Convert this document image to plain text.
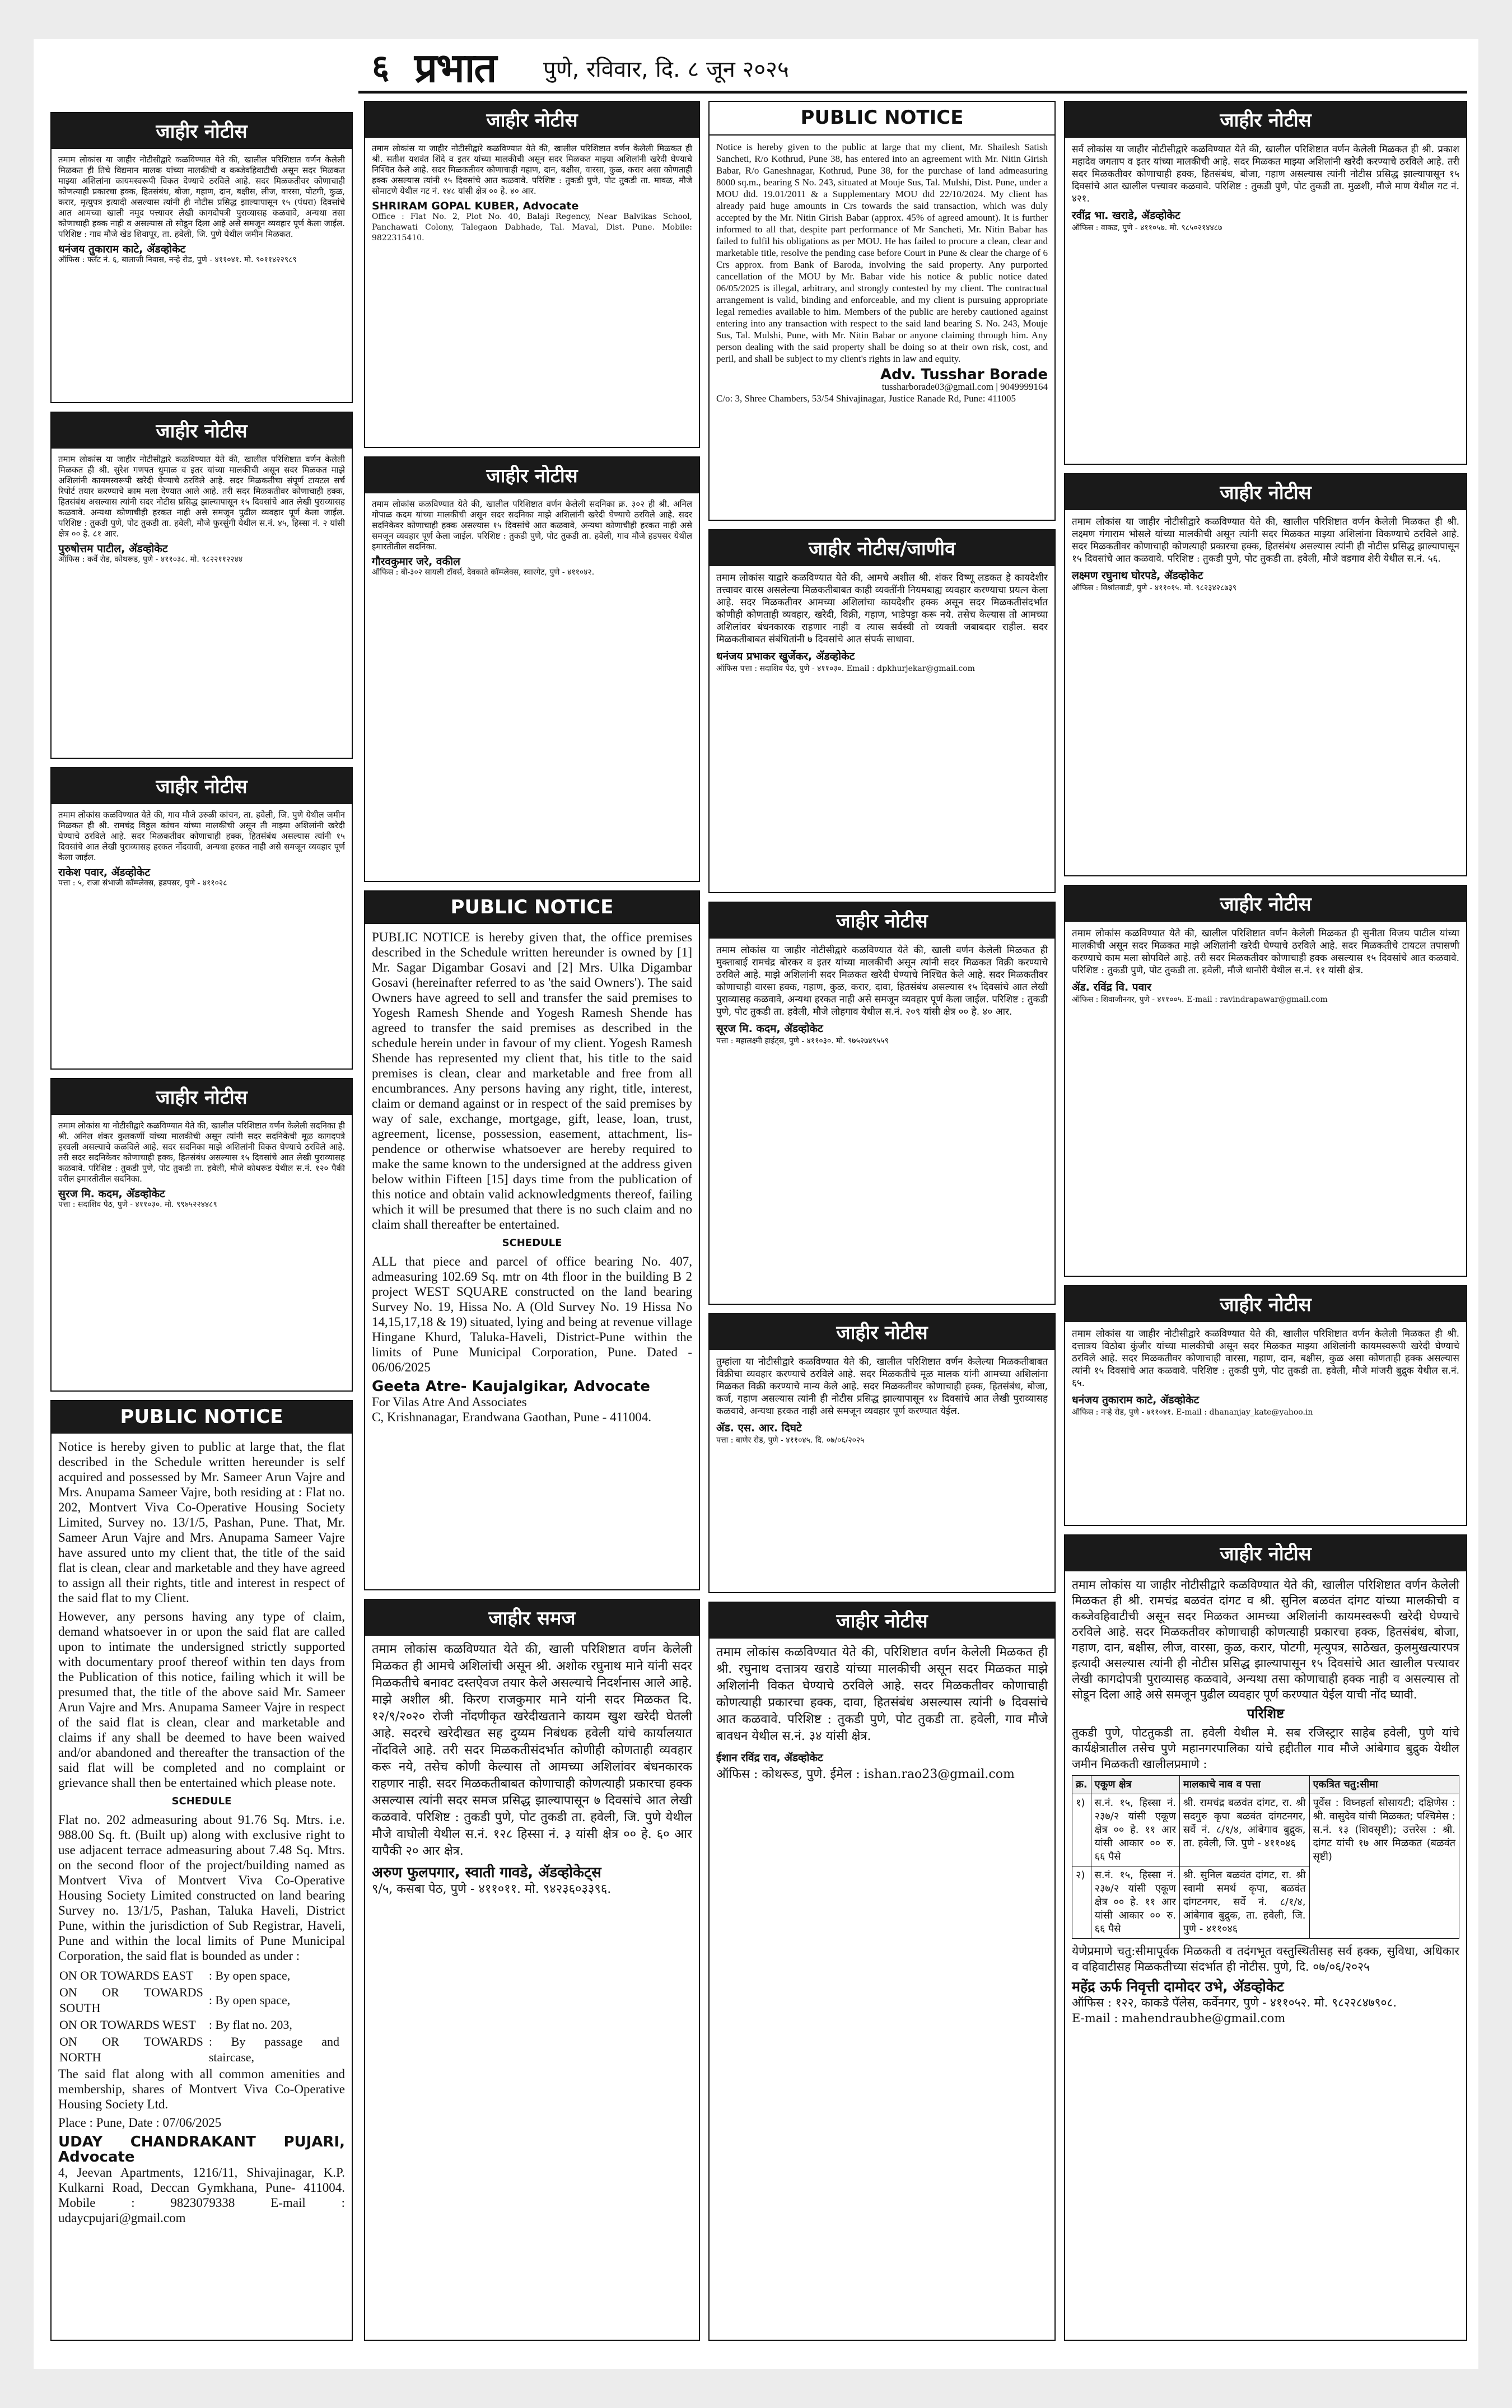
६ प्रभात पुणे, रविवार, दि. ८ जून २०२५
जाहीर नोटीस

तमाम लोकांस या जाहीर नोटीसीद्वारे कळविण्यात येते की, खालील परिशिष्टात वर्णन केलेली मिळकत ही तिचे विद्यमान मालक यांच्या मालकीची व कब्जेवहिवाटीची असून सदर मिळकत माझ्या अशिलांना कायमस्वरूपी विकत देण्याचे ठरविले आहे. सदर मिळकतीवर कोणाचाही कोणत्याही प्रकारचा हक्क, हितसंबंध, बोजा, गहाण, दान, बक्षीस, लीज, वारसा, पोटगी, कुळ, करार, मृत्युपत्र इत्यादी असल्यास त्यांनी ही नोटीस प्रसिद्ध झाल्यापासून १५ (पंधरा) दिवसांचे आत आमच्या खाली नमूद पत्त्यावर लेखी कागदोपत्री पुराव्यासह कळवावे, अन्यथा तसा कोणाचाही हक्क नाही व असल्यास तो सोडून दिला आहे असे समजून व्यवहार पूर्ण केला जाईल. परिशिष्ट : गाव मौजे खेड शिवापूर, ता. हवेली, जि. पुणे येथील जमीन मिळकत.

धनंजय तुकाराम काटे, ॲडव्होकेट
ऑफिस : फ्लॅट नं. ६, बालाजी निवास, नऱ्हे रोड, पुणे - ४११०४१. मो. ९०११४२२९८९
जाहीर नोटीस

तमाम लोकांस या जाहीर नोटीसीद्वारे कळविण्यात येते की, खालील परिशिष्टात वर्णन केलेली मिळकत ही श्री. सुरेश गणपत धुमाळ व इतर यांच्या मालकीची असून सदर मिळकत माझे अशिलांनी कायमस्वरूपी खरेदी घेण्याचे ठरविले आहे. सदर मिळकतीचा संपूर्ण टायटल सर्च रिपोर्ट तयार करण्याचे काम मला देण्यात आले आहे. तरी सदर मिळकतीवर कोणाचाही हक्क, हितसंबंध असल्यास त्यांनी सदर नोटीस प्रसिद्ध झाल्यापासून १५ दिवसांचे आत लेखी पुराव्यासह कळवावे. अन्यथा कोणाचीही हरकत नाही असे समजून पुढील व्यवहार पूर्ण केला जाईल. परिशिष्ट : तुकडी पुणे, पोट तुकडी ता. हवेली, मौजे फुरसुंगी येथील स.नं. ४५, हिस्सा नं. २ यांसी क्षेत्र ०० हे. ८१ आर.

पुरुषोत्तम पाटील, ॲडव्होकेट
ऑफिस : कर्वे रोड, कोथरूड, पुणे - ४११०३८. मो. ९८२२११२२४४
जाहीर नोटीस

तमाम लोकांस कळविण्यात येते की, गाव मौजे उरुळी कांचन, ता. हवेली, जि. पुणे येथील जमीन मिळकत ही श्री. रामचंद्र विठ्ठल कांचन यांच्या मालकीची असून ती माझ्या अशिलांनी खरेदी घेण्याचे ठरविले आहे. सदर मिळकतीवर कोणाचाही हक्क, हितसंबंध असल्यास त्यांनी १५ दिवसांचे आत लेखी पुराव्यासह हरकत नोंदवावी, अन्यथा हरकत नाही असे समजून व्यवहार पूर्ण केला जाईल.

राकेश पवार, ॲडव्होकेट
पत्ता : ५, राजा संभाजी कॉम्प्लेक्स, हडपसर, पुणे - ४११०२८
जाहीर नोटीस

तमाम लोकांस या नोटीसीद्वारे कळविण्यात येते की, खालील परिशिष्टात वर्णन केलेली सदनिका ही श्री. अनिल शंकर कुलकर्णी यांच्या मालकीची असून त्यांनी सदर सदनिकेची मूळ कागदपत्रे हरवली असल्याचे कळविले आहे. सदर सदनिका माझे अशिलांनी विकत घेण्याचे ठरविले आहे. तरी सदर सदनिकेवर कोणाचाही हक्क, हितसंबंध असल्यास १५ दिवसांचे आत लेखी पुराव्यासह कळवावे. परिशिष्ट : तुकडी पुणे, पोट तुकडी ता. हवेली, मौजे कोथरूड येथील स.नं. १२० पैकी वरील इमारतीतील सदनिका.

सुरज मि. कदम, ॲडव्होकेट
पत्ता : सदाशिव पेठ, पुणे - ४११०३०. मो. ९९७५२२४४८९
PUBLIC NOTICE

Notice is hereby given to public at large that, the flat described in the Schedule written hereunder is self acquired and possessed by Mr. Sameer Arun Vajre and Mrs. Anupama Sameer Vajre, both residing at : Flat no. 202, Montvert Viva Co-Operative Housing Society Limited, Survey no. 13/1/5, Pashan, Pune. That, Mr. Sameer Arun Vajre and Mrs. Anupama Sameer Vajre have assured unto my client that, the title of the said flat is clean, clear and marketable and they have agreed to assign all their rights, title and interest in respect of the said flat to my Client.

However, any persons having any type of claim, demand whatsoever in or upon the said flat are called upon to intimate the undersigned strictly supported with documentary proof thereof within ten days from the Publication of this notice, failing which it will be presumed that, the title of the above said Mr. Sameer Arun Vajre and Mrs. Anupama Sameer Vajre in respect of the said flat is clean, clear and marketable and claims if any shall be deemed to have been waived and/or abandoned and thereafter the transaction of the said flat will be completed and no complaint or grievance shall then be entertained which please note.

SCHEDULE

Flat no. 202 admeasuring about 91.76 Sq. Mtrs. i.e. 988.00 Sq. ft. (Built up) along with exclusive right to use adjacent terrace admeasuring about 7.48 Sq. Mtrs. on the second floor of the project/building named as Montvert Viva of Montvert Viva Co-Operative Housing Society Limited constructed on land bearing Survey no. 13/1/5, Pashan, Taluka Haveli, District Pune, within the jurisdiction of Sub Registrar, Haveli, Pune and within the local limits of Pune Municipal Corporation, the said flat is bounded as under :

ON OR TOWARDS EAST	: By open space,
ON OR TOWARDS SOUTH	: By open space,
ON OR TOWARDS WEST	: By flat no. 203,
ON OR TOWARDS NORTH	: By passage and staircase,

The said flat along with all common amenities and membership, shares of Montvert Viva Co-Operative Housing Society Ltd.

Place : Pune, Date : 07/06/2025

UDAY CHANDRAKANT PUJARI, Advocate
4, Jeevan Apartments, 1216/11, Shivajinagar, K.P. Kulkarni Road, Deccan Gymkhana, Pune- 411004. Mobile : 9823079338 E-mail : udaycpujari@gmail.com
जाहीर नोटीस

तमाम लोकांस या जाहीर नोटीसीद्वारे कळविण्यात येते की, खालील परिशिष्टात वर्णन केलेली मिळकत ही श्री. सतीश यशवंत शिंदे व इतर यांच्या मालकीची असून सदर मिळकत माझ्या अशिलांनी खरेदी घेण्याचे निश्चित केले आहे. सदर मिळकतीवर कोणाचाही गहाण, दान, बक्षीस, वारसा, कुळ, करार असा कोणताही हक्क असल्यास त्यांनी १५ दिवसांचे आत कळवावे. परिशिष्ट : तुकडी पुणे, पोट तुकडी ता. मावळ, मौजे सोमाटणे येथील गट नं. १४८ यांसी क्षेत्र ०० हे. ४० आर.

SHRIRAM GOPAL KUBER, Advocate
Office : Flat No. 2, Plot No. 40, Balaji Regency, Near Balvikas School, Panchawati Colony, Talegaon Dabhade, Tal. Maval, Dist. Pune. Mobile: 9822315410.
जाहीर नोटीस

तमाम लोकांस कळविण्यात येते की, खालील परिशिष्टात वर्णन केलेली सदनिका क्र. ३०२ ही श्री. अनिल गोपाळ कदम यांच्या मालकीची असून सदर सदनिका माझे अशिलांनी खरेदी घेण्याचे ठरविले आहे. सदर सदनिकेवर कोणाचाही हक्क असल्यास १५ दिवसांचे आत कळवावे, अन्यथा कोणाचीही हरकत नाही असे समजून व्यवहार पूर्ण केला जाईल. परिशिष्ट : तुकडी पुणे, पोट तुकडी ता. हवेली, गाव मौजे हडपसर येथील इमारतीतील सदनिका.

गौरवकुमार जरे, वकील
ऑफिस : बी-३०२ सायली टॉवर्स, देवकाते कॉम्प्लेक्स, स्वारगेट, पुणे - ४११०४२.
PUBLIC NOTICE

PUBLIC NOTICE is hereby given that, the office premises described in the Schedule written hereunder is owned by [1] Mr. Sagar Digambar Gosavi and [2] Mrs. Ulka Digambar Gosavi (hereinafter referred to as 'the said Owners'). The said Owners have agreed to sell and transfer the said premises to Yogesh Ramesh Shende and Yogesh Ramesh Shende has agreed to transfer the said premises as described in the schedule herein under in favour of my client. Yogesh Ramesh Shende has represented my client that, his title to the said premises is clean, clear and marketable and free from all encumbrances. Any persons having any right, title, interest, claim or demand against or in respect of the said premises by way of sale, exchange, mortgage, gift, lease, loan, trust, agreement, license, possession, easement, attachment, lis-pendence or otherwise whatsoever are hereby required to make the same known to the undersigned at the address given below within Fifteen [15] days time from the publication of this notice and obtain valid acknowledgments thereof, failing which it will be presumed that there is no such claim and no claim shall thereafter be entertained.

SCHEDULE

ALL that piece and parcel of office bearing No. 407, admeasuring 102.69 Sq. mtr on 4th floor in the building B 2 project WEST SQUARE constructed on the land bearing Survey No. 19, Hissa No. A (Old Survey No. 19 Hissa No 14,15,17,18 & 19) situated, lying and being at revenue village Hingane Khurd, Taluka-Haveli, District-Pune within the limits of Pune Municipal Corporation, Pune. Dated - 06/06/2025

Geeta Atre- Kaujalgikar, Advocate
For Vilas Atre And Associates
C, Krishnanagar, Erandwana Gaothan, Pune - 411004.
जाहीर समज

तमाम लोकांस कळविण्यात येते की, खाली परिशिष्टात वर्णन केलेली मिळकत ही आमचे अशिलांची असून श्री. अशोक रघुनाथ माने यांनी सदर मिळकतीचे बनावट दस्तऐवज तयार केले असल्याचे निदर्शनास आले आहे. माझे अशील श्री. किरण राजकुमार माने यांनी सदर मिळकत दि. १२/९/२०२० रोजी नोंदणीकृत खरेदीखताने कायम खुश खरेदी घेतली आहे. सदरचे खरेदीखत सह दुय्यम निबंधक हवेली यांचे कार्यालयात नोंदविले आहे. तरी सदर मिळकतीसंदर्भात कोणीही कोणताही व्यवहार करू नये, तसेच कोणी केल्यास तो आमच्या अशिलांवर बंधनकारक राहणार नाही. सदर मिळकतीबाबत कोणाचाही कोणत्याही प्रकारचा हक्क असल्यास त्यांनी सदर समज प्रसिद्ध झाल्यापासून ७ दिवसांचे आत लेखी कळवावे. परिशिष्ट : तुकडी पुणे, पोट तुकडी ता. हवेली, जि. पुणे येथील मौजे वाघोली येथील स.नं. १२८ हिस्सा नं. ३ यांसी क्षेत्र ०० हे. ६० आर यापैकी २० आर क्षेत्र.

अरुण फुलपगार, स्वाती गावडे, ॲडव्होकेट्स
९/५, कसबा पेठ, पुणे - ४११०११. मो. ९४२३६०३३९६.
PUBLIC NOTICE

Notice is hereby given to the public at large that my client, Mr. Shailesh Satish Sancheti, R/o Kothrud, Pune 38, has entered into an agreement with Mr. Nitin Girish Babar, R/o Ganeshnagar, Kothrud, Pune 38, for the purchase of land admeasuring 8000 sq.m., bearing S No. 243, situated at Mouje Sus, Tal. Mulshi, Dist. Pune, under a MOU dtd. 19.01/2011 & a Supplementary MOU dtd 22/10/2024. My client has already paid huge amounts in Crs towards the said transaction, which was duly accepted by the Mr. Nitin Girish Babar (approx. 45% of agreed amount). It is further informed to all that, despite part performance of Mr Sancheti, Mr. Nitin Babar has failed to fulfil his obligations as per MOU. He has failed to procure a clean, clear and marketable title, resolve the pending case before Court in Pune & clear the charge of 6 Crs approx. from Bank of Baroda, involving the said property. Any purported cancellation of the MOU by Mr. Babar vide his notice & public notice dated 06/05/2025 is illegal, arbitrary, and strongly contested by my client. The contractual arrangement is valid, binding and enforceable, and my client is pursuing appropriate legal remedies available to him. Members of the public are hereby cautioned against entering into any transaction with respect to the said land bearing S. No. 243, Mouje Sus, Tal. Mulshi, Pune, with Mr. Nitin Babar or anyone claiming through him. Any person dealing with the said property shall be doing so at their own risk, cost, and peril, and shall be subject to my client's rights in law and equity.

Adv. Tusshar Borade
tussharborade03@gmail.com | 9049999164
C/o: 3, Shree Chambers, 53/54 Shivajinagar, Justice Ranade Rd, Pune: 411005
जाहीर नोटीस/जाणीव

तमाम लोकांस याद्वारे कळविण्यात येते की, आमचे अशील श्री. शंकर विष्णू लडकत हे कायदेशीर तत्त्वावर वारस असलेल्या मिळकतीबाबत काही व्यक्तींनी नियमबाह्य व्यवहार करण्याचा प्रयत्न केला आहे. सदर मिळकतीवर आमच्या अशिलांचा कायदेशीर हक्क असून सदर मिळकतीसंदर्भात कोणीही कोणताही व्यवहार, खरेदी, विक्री, गहाण, भाडेपट्टा करू नये. तसेच केल्यास तो आमच्या अशिलांवर बंधनकारक राहणार नाही व त्यास सर्वस्वी तो व्यक्ती जबाबदार राहील. सदर मिळकतीबाबत संबंधितांनी ७ दिवसांचे आत संपर्क साधावा.

धनंजय प्रभाकर खुर्जेकर, ॲडव्होकेट
ऑफिस पत्ता : सदाशिव पेठ, पुणे - ४११०३०. Email : dpkhurjekar@gmail.com
जाहीर नोटीस

तमाम लोकांस या जाहीर नोटीसीद्वारे कळविण्यात येते की, खाली वर्णन केलेली मिळकत ही मुक्ताबाई रामचंद्र बोरकर व इतर यांच्या मालकीची असून त्यांनी सदर मिळकत विक्री करण्याचे ठरविले आहे. माझे अशिलांनी सदर मिळकत खरेदी घेण्याचे निश्चित केले आहे. सदर मिळकतीवर कोणाचाही वारसा हक्क, गहाण, कुळ, करार, दावा, हितसंबंध असल्यास १५ दिवसांचे आत लेखी पुराव्यासह कळवावे, अन्यथा हरकत नाही असे समजून व्यवहार पूर्ण केला जाईल. परिशिष्ट : तुकडी पुणे, पोट तुकडी ता. हवेली, मौजे लोहगाव येथील स.नं. २०९ यांसी क्षेत्र ०० हे. ४० आर.

सूरज मि. कदम, ॲडव्होकेट
पत्ता : महालक्ष्मी हाईट्स, पुणे - ४११०३०. मो. ९७५२७४९५५९
जाहीर नोटीस

तुम्हांला या नोटीसीद्वारे कळविण्यात येते की, खालील परिशिष्टात वर्णन केलेल्या मिळकतीबाबत विक्रीचा व्यवहार करण्याचे ठरविले आहे. सदर मिळकतीचे मूळ मालक यांनी आमच्या अशिलांना मिळकत विक्री करण्याचे मान्य केले आहे. सदर मिळकतीवर कोणाचाही हक्क, हितसंबंध, बोजा, कर्ज, गहाण असल्यास त्यांनी ही नोटीस प्रसिद्ध झाल्यापासून १४ दिवसांचे आत लेखी पुराव्यासह कळवावे, अन्यथा हरकत नाही असे समजून व्यवहार पूर्ण करण्यात येईल.

ॲड. एस. आर. दिघटे
पत्ता : बाणेर रोड, पुणे - ४११०४५. दि. ०७/०६/२०२५
जाहीर नोटीस

तमाम लोकांस कळविण्यात येते की, परिशिष्टात वर्णन केलेली मिळकत ही श्री. रघुनाथ दत्तात्रय खराडे यांच्या मालकीची असून सदर मिळकत माझे अशिलांनी विकत घेण्याचे ठरविले आहे. सदर मिळकतीवर कोणाचाही कोणत्याही प्रकारचा हक्क, दावा, हितसंबंध असल्यास त्यांनी ७ दिवसांचे आत कळवावे. परिशिष्ट : तुकडी पुणे, पोट तुकडी ता. हवेली, गाव मौजे बावधन येथील स.नं. ३४ यांसी क्षेत्र.

ईशान रविंद्र राव, ॲडव्होकेट
ऑफिस : कोथरूड, पुणे. ईमेल : ishan.rao23@gmail.com
जाहीर नोटीस

सर्व लोकांस या जाहीर नोटीसीद्वारे कळविण्यात येते की, खालील परिशिष्टात वर्णन केलेली मिळकत ही श्री. प्रकाश महादेव जगताप व इतर यांच्या मालकीची आहे. सदर मिळकत माझ्या अशिलांनी खरेदी करण्याचे ठरविले आहे. तरी सदर मिळकतीवर कोणाचाही हक्क, हितसंबंध, बोजा, गहाण असल्यास त्यांनी नोटीस प्रसिद्ध झाल्यापासून १५ दिवसांचे आत खालील पत्त्यावर कळवावे. परिशिष्ट : तुकडी पुणे, पोट तुकडी ता. मुळशी, मौजे माण येथील गट नं. ४२१.

रवींद्र भा. खराडे, ॲडव्होकेट
ऑफिस : वाकड, पुणे - ४११०५७. मो. ९८५०२१४४८७
जाहीर नोटीस

तमाम लोकांस या जाहीर नोटीसीद्वारे कळविण्यात येते की, खालील परिशिष्टात वर्णन केलेली मिळकत ही श्री. लक्ष्मण गंगाराम भोसले यांच्या मालकीची असून त्यांनी सदर मिळकत माझ्या अशिलांना विकण्याचे ठरविले आहे. सदर मिळकतीवर कोणाचाही कोणत्याही प्रकारचा हक्क, हितसंबंध असल्यास त्यांनी ही नोटीस प्रसिद्ध झाल्यापासून १५ दिवसांचे आत कळवावे. परिशिष्ट : तुकडी पुणे, पोट तुकडी ता. हवेली, मौजे वडगाव शेरी येथील स.नं. ५६.

लक्ष्मण रघुनाथ घोरपडे, ॲडव्होकेट
ऑफिस : विश्रांतवाडी, पुणे - ४११०१५. मो. ९८२३४२८७३९
जाहीर नोटीस

तमाम लोकांस कळविण्यात येते की, खालील परिशिष्टात वर्णन केलेली मिळकत ही सुनीता विजय पाटील यांच्या मालकीची असून सदर मिळकत माझे अशिलांनी खरेदी घेण्याचे ठरविले आहे. सदर मिळकतीचे टायटल तपासणी करण्याचे काम मला सोपविले आहे. तरी सदर मिळकतीवर कोणाचाही हक्क असल्यास १५ दिवसांचे आत कळवावे. परिशिष्ट : तुकडी पुणे, पोट तुकडी ता. हवेली, मौजे धानोरी येथील स.नं. ११ यांसी क्षेत्र.

ॲड. रविंद्र वि. पवार
ऑफिस : शिवाजीनगर, पुणे - ४११००५. E-mail : ravindrapawar@gmail.com
जाहीर नोटीस

तमाम लोकांस या जाहीर नोटीसीद्वारे कळविण्यात येते की, खालील परिशिष्टात वर्णन केलेली मिळकत ही श्री. दत्तात्रय विठोबा कुंजीर यांच्या मालकीची असून सदर मिळकत माझ्या अशिलांनी कायमस्वरूपी खरेदी घेण्याचे ठरविले आहे. सदर मिळकतीवर कोणाचाही वारसा, गहाण, दान, बक्षीस, कुळ असा कोणताही हक्क असल्यास त्यांनी १५ दिवसांचे आत कळवावे. परिशिष्ट : तुकडी पुणे, पोट तुकडी ता. हवेली, मौजे मांजरी बुद्रुक येथील स.नं. ६५.

धनंजय तुकाराम काटे, ॲडव्होकेट
ऑफिस : नऱ्हे रोड, पुणे - ४११०४१. E-mail : dhananjay_kate@yahoo.in
जाहीर नोटीस

तमाम लोकांस या जाहीर नोटीसीद्वारे कळविण्यात येते की, खालील परिशिष्टात वर्णन केलेली मिळकत ही श्री. रामचंद्र बळवंत दांगट व श्री. सुनिल बळवंत दांगट यांच्या मालकीची व कब्जेवहिवाटीची असून सदर मिळकत आमच्या अशिलांनी कायमस्वरूपी खरेदी घेण्याचे ठरविले आहे. सदर मिळकतीवर कोणाचाही कोणत्याही प्रकारचा हक्क, हितसंबंध, बोजा, गहाण, दान, बक्षीस, लीज, वारसा, कुळ, करार, पोटगी, मृत्युपत्र, साठेखत, कुलमुखत्यारपत्र इत्यादी असल्यास त्यांनी ही नोटीस प्रसिद्ध झाल्यापासून १५ दिवसांचे आत खालील पत्त्यावर लेखी कागदोपत्री पुराव्यासह कळवावे, अन्यथा तसा कोणाचाही हक्क नाही व असल्यास तो सोडून दिला आहे असे समजून पुढील व्यवहार पूर्ण करण्यात येईल याची नोंद घ्यावी.

परिशिष्ट

तुकडी पुणे, पोटतुकडी ता. हवेली येथील मे. सब रजिस्ट्रार साहेब हवेली, पुणे यांचे कार्यक्षेत्रातील तसेच पुणे महानगरपालिका यांचे हद्दीतील गाव मौजे आंबेगाव बुद्रुक येथील जमीन मिळकती खालीलप्रमाणे :

क्र.	एकूण क्षेत्र	मालकाचे नाव व पत्ता	एकत्रित चतु:सीमा
१)	स.नं. १५, हिस्सा नं. २३७/२ यांसी एकूण क्षेत्र ०० हे. ११ आर यांसी आकार ०० रु. ६६ पैसे	श्री. रामचंद्र बळवंत दांगट, रा. श्री सदगुरु कृपा बळवंत दांगटनगर, सर्वे नं. ८/१/४, आंबेगाव बुद्रुक, ता. हवेली, जि. पुणे - ४११०४६	पूर्वेस : विघ्नहर्ता सोसायटी; दक्षिणेस : श्री. वासुदेव यांची मिळकत; पश्चिमेस : स.नं. १३ (शिवसृष्टी); उत्तरेस : श्री. दांगट यांची १७ आर मिळकत (बळवंत सृष्टी)
२)	स.नं. १५, हिस्सा नं. २३७/२ यांसी एकूण क्षेत्र ०० हे. ११ आर यांसी आकार ०० रु. ६६ पैसे	श्री. सुनिल बळवंत दांगट, रा. श्री स्वामी समर्थ कृपा, बळवंत दांगटनगर, सर्वे नं. ८/१/४, आंबेगाव बुद्रुक, ता. हवेली, जि. पुणे - ४११०४६	

येणेप्रमाणे चतु:सीमापूर्वक मिळकती व तदंगभूत वस्तुस्थितीसह सर्व हक्क, सुविधा, अधिकार व वहिवाटीसह मिळकतीच्या संदर्भात ही नोटीस. पुणे, दि. ०७/०६/२०२५

महेंद्र ऊर्फ निवृत्ती दामोदर उभे, ॲडव्होकेट
ऑफिस : १२२, काकडे पॅलेस, कर्वेनगर, पुणे - ४११०५२. मो. ९८२२८४७९०८.
E-mail : mahendraubhe@gmail.com
